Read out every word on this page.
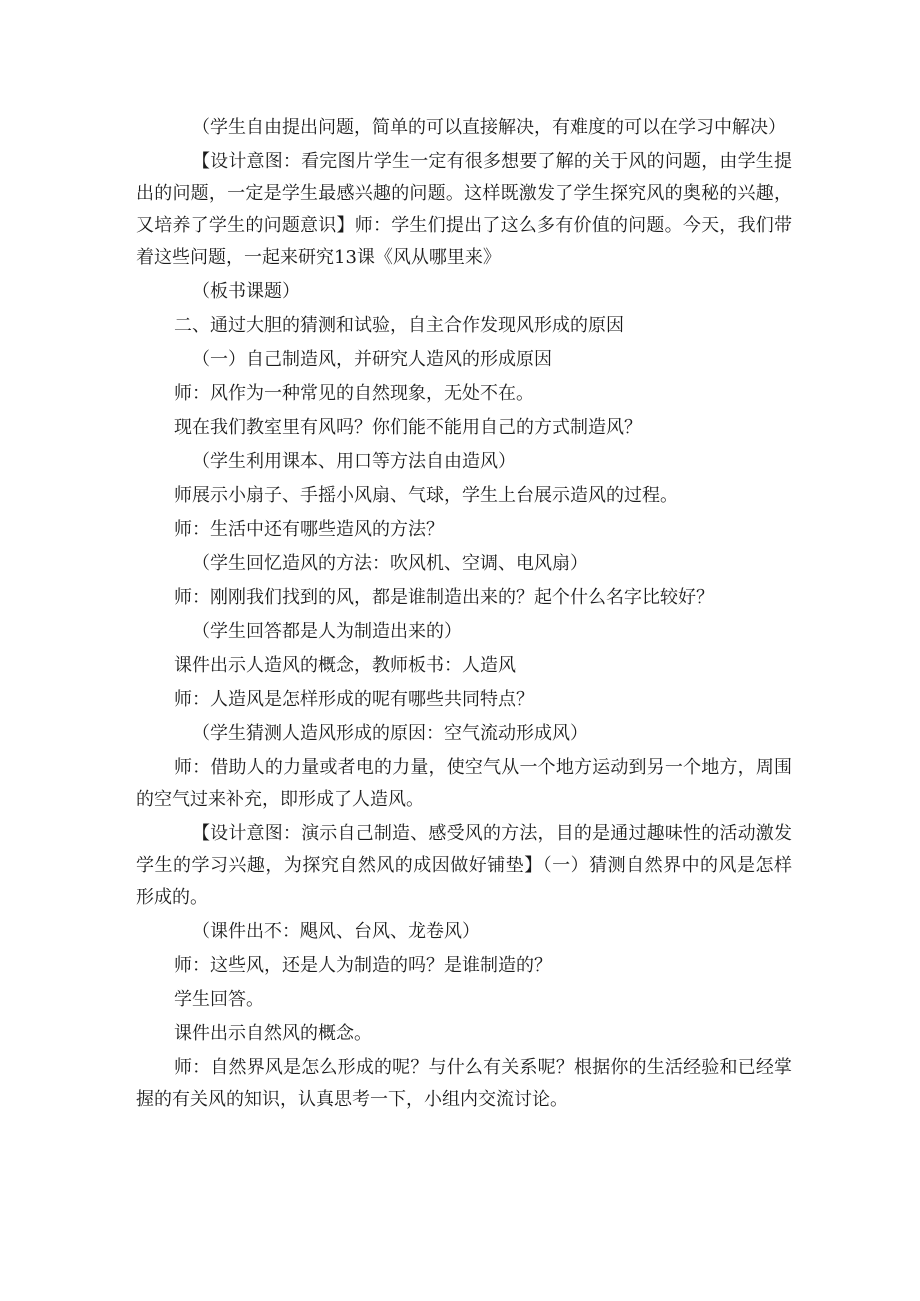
（学生自由提出问题，简单的可以直接解决，有难度的可以在学习中解决）

【设计意图：看完图片学生一定有很多想要了解的关于风的问题，由学生提出的问题，一定是学生最感兴趣的问题。这样既激发了学生探究风的奥秘的兴趣，又培养了学生的问题意识】师：学生们提出了这么多有价值的问题。今天，我们带着这些问题，一起来研究13课《风从哪里来》

（板书课题）

二、通过大胆的猜测和试验，自主合作发现风形成的原因

（一）自己制造风，并研究人造风的形成原因

师：风作为一种常见的自然现象，无处不在。

现在我们教室里有风吗？你们能不能用自己的方式制造风？

（学生利用课本、用口等方法自由造风）

师展示小扇子、手摇小风扇、气球，学生上台展示造风的过程。

师：生活中还有哪些造风的方法？

（学生回忆造风的方法：吹风机、空调、电风扇）

师：刚刚我们找到的风，都是谁制造出来的？起个什么名字比较好？

（学生回答都是人为制造出来的）

课件出示人造风的概念，教师板书：人造风

师：人造风是怎样形成的呢有哪些共同特点？

（学生猜测人造风形成的原因：空气流动形成风）

师：借助人的力量或者电的力量，使空气从一个地方运动到另一个地方，周围的空气过来补充，即形成了人造风。

【设计意图：演示自己制造、感受风的方法，目的是通过趣味性的活动激发学生的学习兴趣，为探究自然风的成因做好铺垫】（一）猜测自然界中的风是怎样形成的。

（课件出不：飓风、台风、龙卷风）

师：这些风，还是人为制造的吗？是谁制造的？

学生回答。

课件出示自然风的概念。

师：自然界风是怎么形成的呢？与什么有关系呢？根据你的生活经验和已经掌握的有关风的知识，认真思考一下，小组内交流讨论。
